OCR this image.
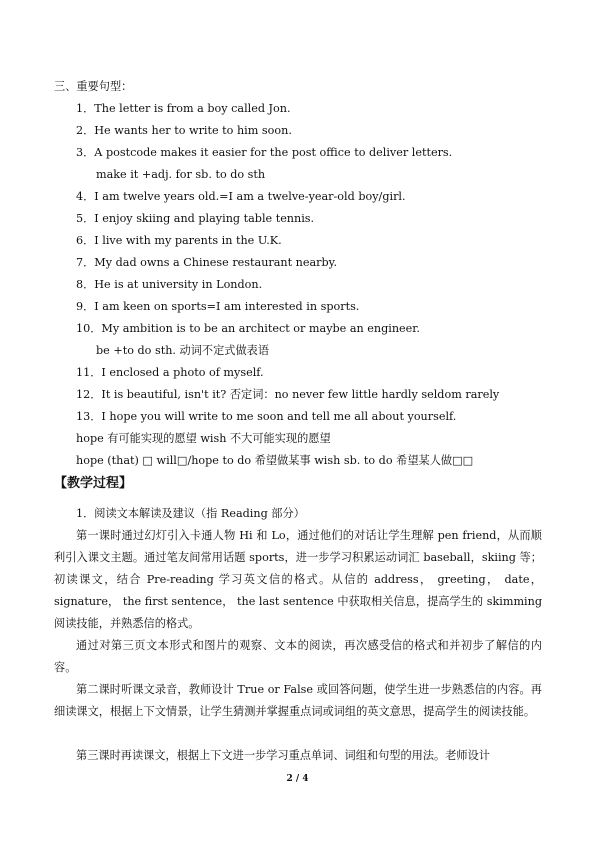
三、重要句型：
1．The letter is from a boy called Jon.
2．He wants her to write to him soon.
3．A postcode makes it easier for the post office to deliver letters.
make it +adj. for sb. to do sth
4．I am twelve years old.=I am a twelve-year-old boy/girl.
5．I enjoy skiing and playing table tennis.
6．I live with my parents in the U.K.
7．My dad owns a Chinese restaurant nearby.
8．He is at university in London.
9．I am keen on sports=I am interested in sports.
10．My ambition is to be an architect or maybe an engineer.
be +to do sth. 动词不定式做表语
11．I enclosed a photo of myself.
12．It is beautiful, isn't it? 否定词：no never few little hardly seldom rarely
13．I hope you will write to me soon and tell me all about yourself.
hope 有可能实现的愿望 wish 不大可能实现的愿望
hope (that) □ will□/hope to do 希望做某事 wish sb. to do 希望某人做□□
【教学过程】
1．阅读文本解读及建议（指 Reading 部分）
第一课时通过幻灯引入卡通人物 Hi 和 Lo，通过他们的对话让学生理解 pen friend，从而顺利引入课文主题。通过笔友间常用话题 sports，进一步学习积累运动词汇 baseball，skiing 等；初读课文，结合 Pre-reading 学习英文信的格式。从信的 address， greeting， date，signature， the first sentence， the last sentence 中获取相关信息，提高学生的 skimming 阅读技能，并熟悉信的格式。
通过对第三页文本形式和图片的观察、文本的阅读，再次感受信的格式和并初步了解信的内容。
第二课时听课文录音，教师设计 True or False 或回答问题，使学生进一步熟悉信的内容。再细读课文，根据上下文情景，让学生猜测并掌握重点词或词组的英文意思，提高学生的阅读技能。
第三课时再读课文，根据上下文进一步学习重点单词、词组和句型的用法。老师设计
2 / 4
